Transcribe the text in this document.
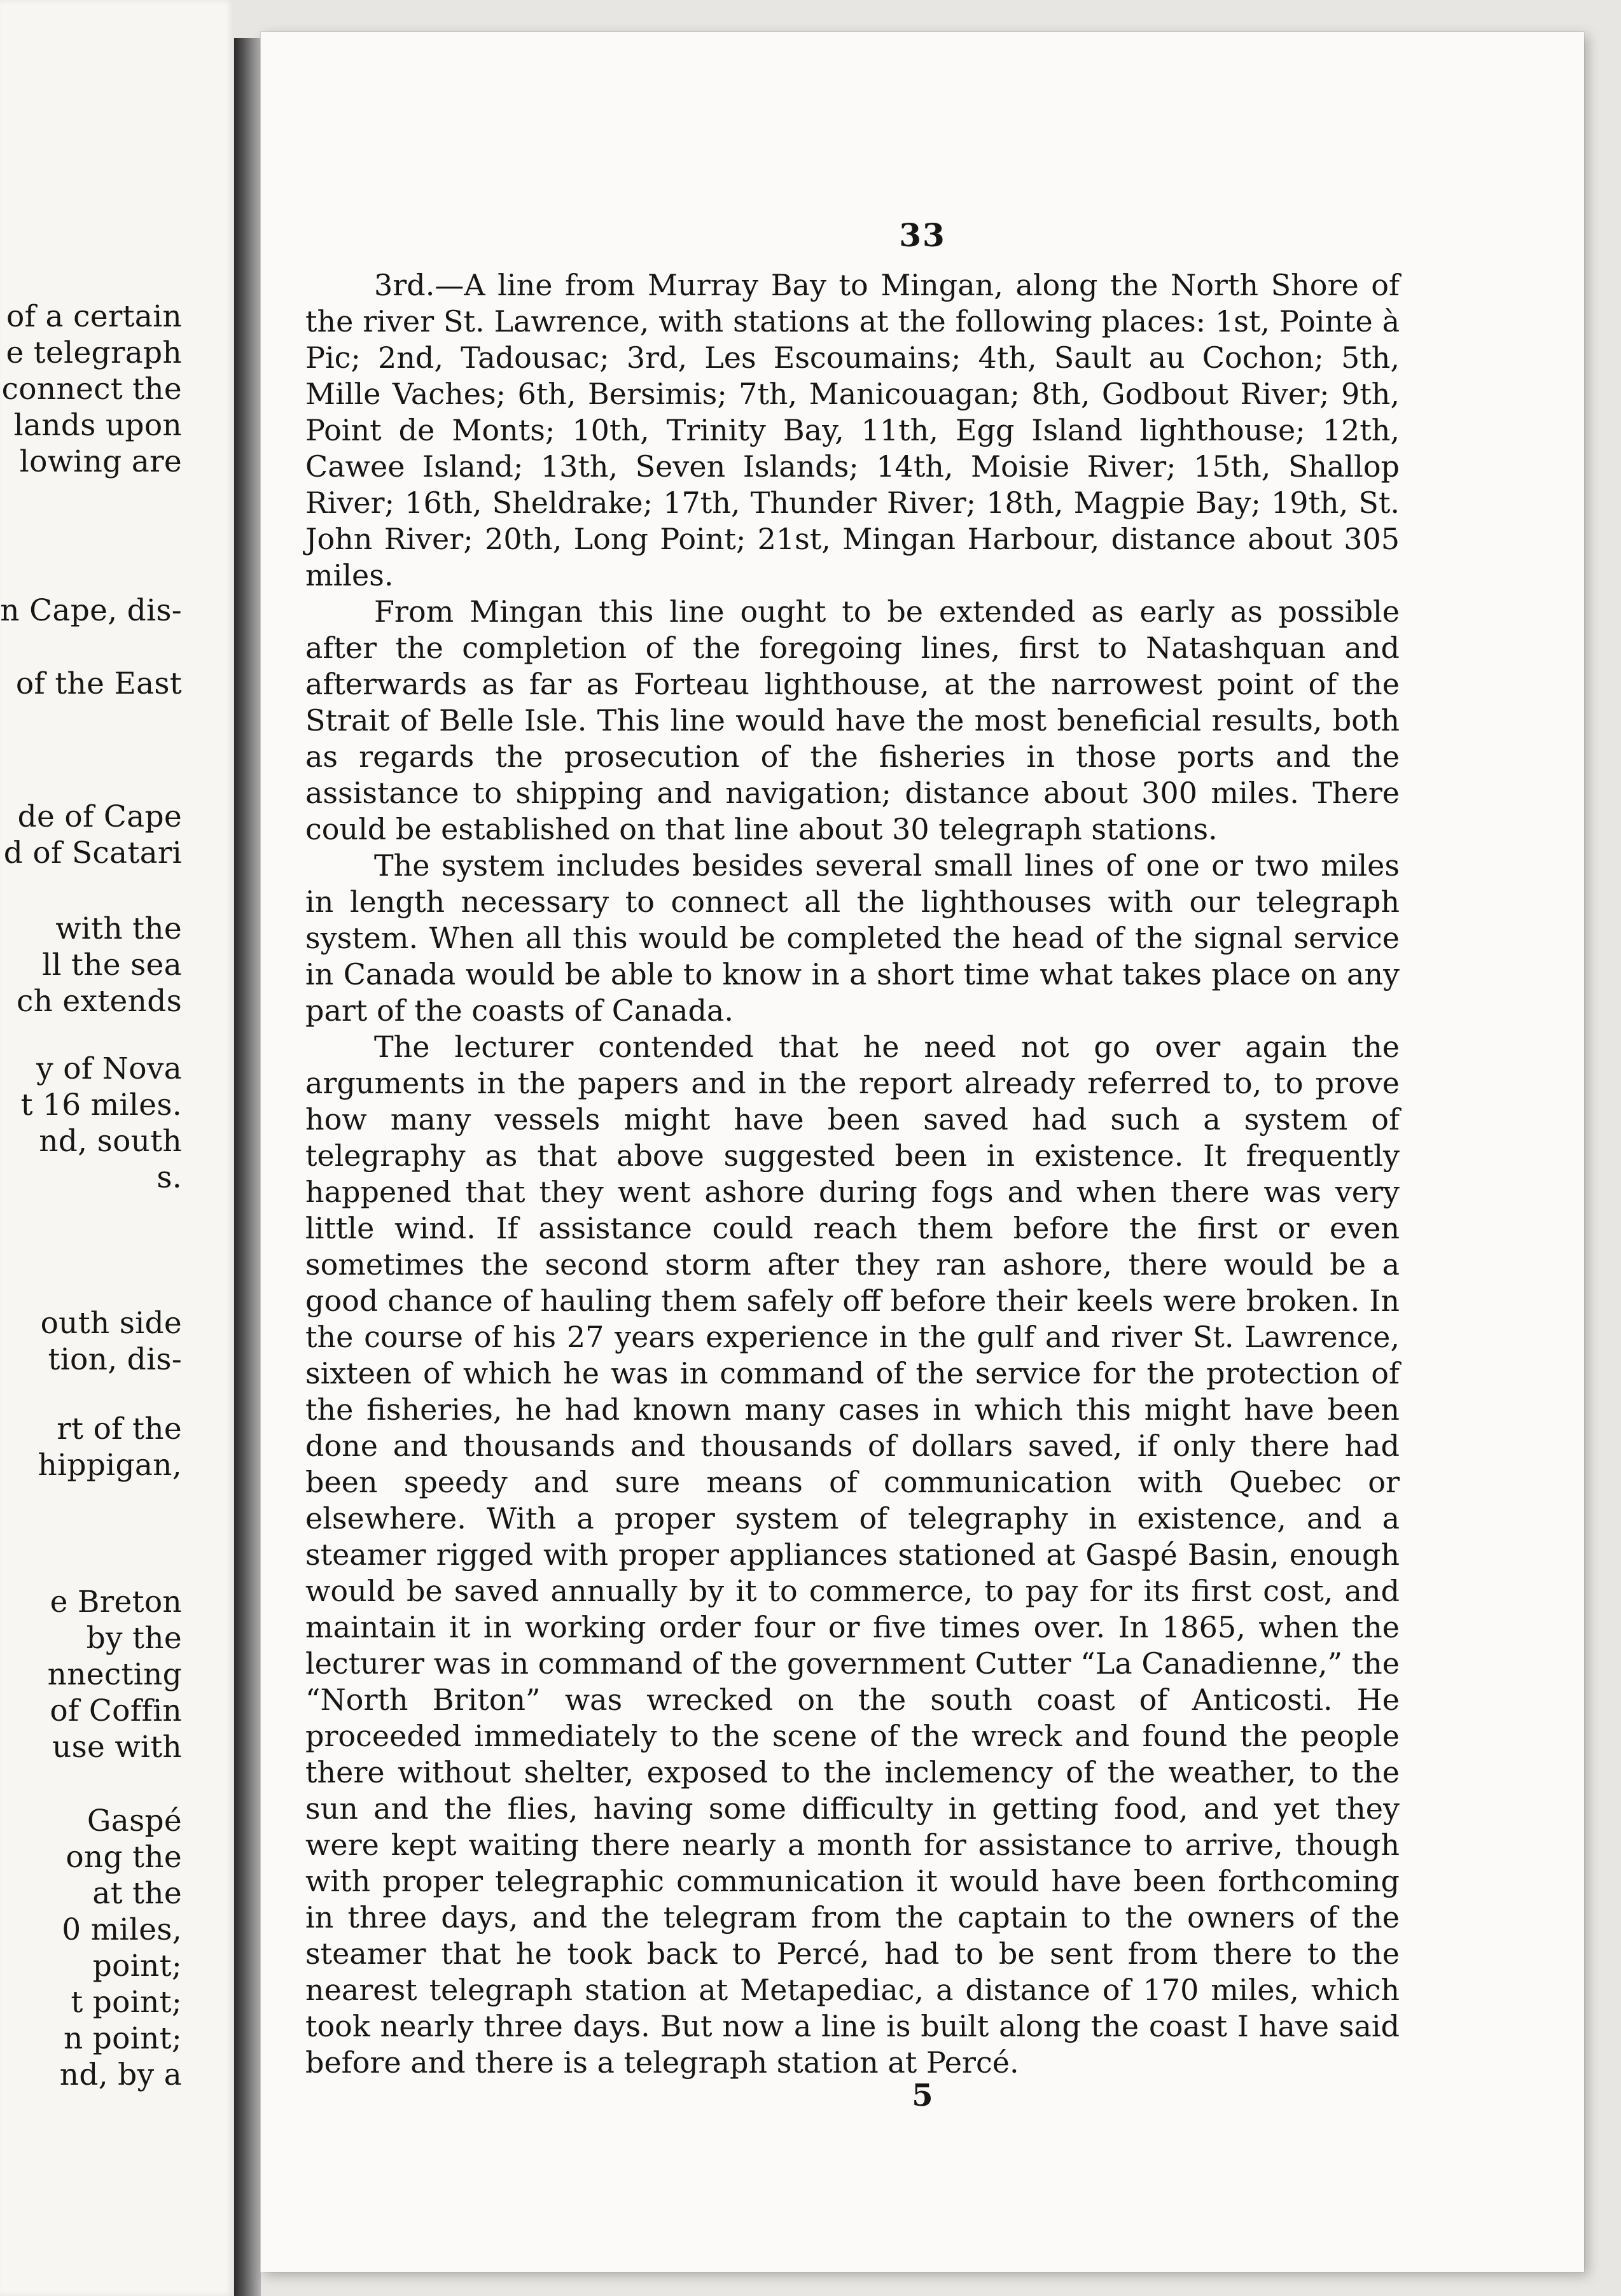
of a certain
e telegraph
connect the
lands upon
lowing are
n Cape, dis-
of the East
de of Cape
d of Scatari
with the
ll the sea
ch extends
y of Nova
t 16 miles.
nd, south
s.
outh side
tion, dis-
rt of the
hippigan,
e Breton
by the
nnecting
of Coffin
use with
Gaspé
ong the
at the
0 miles,
point;
t point;
n point;
nd, by a
33

3rd.—A line from Murray Bay to Mingan, along the North Shore of the river St. Lawrence, with stations at the following places: 1st, Pointe à Pic; 2nd, Tadousac; 3rd, Les Escoumains; 4th, Sault au Cochon; 5th, Mille Vaches; 6th, Bersimis; 7th, Manicouagan; 8th, Godbout River; 9th, Point de Monts; 10th, Trinity Bay, 11th, Egg Island lighthouse; 12th, Cawee Island; 13th, Seven Islands; 14th, Moisie River; 15th, Shallop River; 16th, Sheldrake; 17th, Thunder River; 18th, Magpie Bay; 19th, St. John River; 20th, Long Point; 21st, Mingan Harbour, distance about 305 miles.

From Mingan this line ought to be extended as early as possible after the completion of the foregoing lines, first to Natashquan and afterwards as far as Forteau lighthouse, at the narrowest point of the Strait of Belle Isle. This line would have the most beneficial results, both as regards the prosecution of the fisheries in those ports and the assistance to shipping and navigation; distance about 300 miles. There could be established on that line about 30 telegraph stations.

The system includes besides several small lines of one or two miles in length necessary to connect all the lighthouses with our telegraph system. When all this would be completed the head of the signal service in Canada would be able to know in a short time what takes place on any part of the coasts of Canada.

The lecturer contended that he need not go over again the arguments in the papers and in the report already referred to, to prove how many vessels might have been saved had such a system of telegraphy as that above suggested been in existence. It frequently happened that they went ashore during fogs and when there was very little wind. If assistance could reach them before the first or even sometimes the second storm after they ran ashore, there would be a good chance of hauling them safely off before their keels were broken. In the course of his 27 years experience in the gulf and river St. Lawrence, sixteen of which he was in command of the service for the protection of the fisheries, he had known many cases in which this might have been done and thousands and thousands of dollars saved, if only there had been speedy and sure means of communication with Quebec or elsewhere. With a proper system of telegraphy in existence, and a steamer rigged with proper appliances stationed at Gaspé Basin, enough would be saved annually by it to commerce, to pay for its first cost, and maintain it in working order four or five times over. In 1865, when the lecturer was in command of the government Cutter “La Canadienne,” the “North Briton” was wrecked on the south coast of Anticosti. He proceeded immediately to the scene of the wreck and found the people there without shelter, exposed to the inclemency of the weather, to the sun and the flies, having some difficulty in getting food, and yet they were kept waiting there nearly a month for assistance to arrive, though with proper telegraphic communication it would have been forthcoming in three days, and the telegram from the captain to the owners of the steamer that he took back to Percé, had to be sent from there to the nearest telegraph station at Metapediac, a distance of 170 miles, which took nearly three days. But now a line is built along the coast I have said before and there is a telegraph station at Percé.

5
